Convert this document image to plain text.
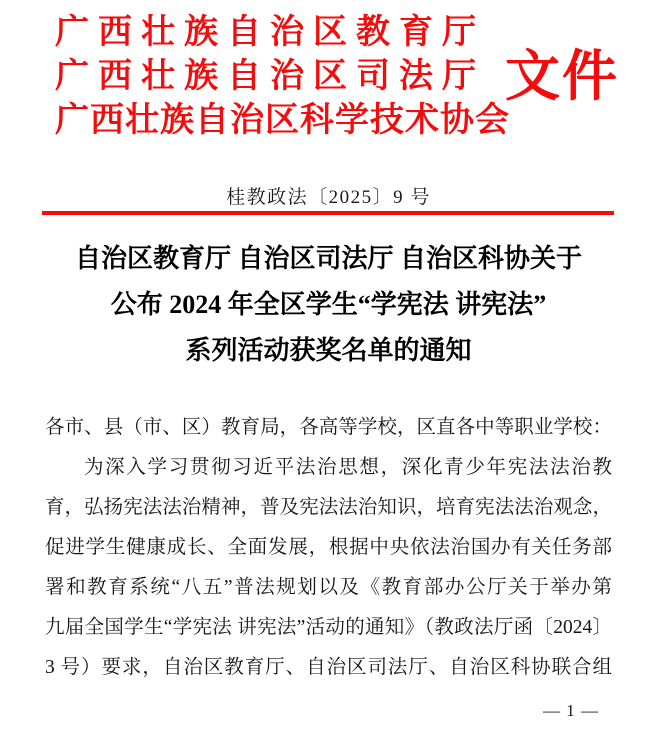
广西壮族自治区教育厅
广西壮族自治区司法厅
广西壮族自治区科学技术协会
文件
桂教政法〔2025〕9 号
自治区教育厅 自治区司法厅 自治区科协关于
公布 2024 年全区学生“学宪法 讲宪法”
系列活动获奖名单的通知
各市、县（市、区）教育局，各高等学校，区直各中等职业学校：
为深入学习贯彻习近平法治思想，深化青少年宪法法治教
育，弘扬宪法法治精神，普及宪法法治知识，培育宪法法治观念，
促进学生健康成长、全面发展，根据中央依法治国办有关任务部
署和教育系统“八五”普法规划以及《教育部办公厅关于举办第
九届全国学生“学宪法 讲宪法”活动的通知》（教政法厅函〔2024〕
3 号）要求，自治区教育厅、自治区司法厅、自治区科协联合组
— 1 —
